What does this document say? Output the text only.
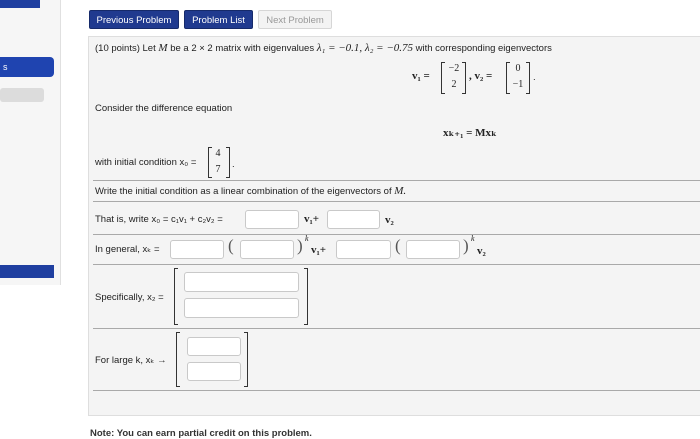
s
Previous Problem	Problem List	Next Problem
(10 points) Let M be a 2 × 2 matrix with eigenvalues λ₁ = −0.1, λ₂ = −0.75 with corresponding eigenvectors
v₁ =
−2
2
, v₂ =
0
−1
.
Consider the difference equation
xₖ₊₁ = Mxₖ
with initial condition x₀ =
4
7	.
Write the initial condition as a linear combination of the eigenvectors of M.
That is, write x₀ = c₁v₁ + c₂v₂ =	v₁+	v₂
In general, xₖ =	(	) k
v₁+	(	) k
v₂
Specifically, x₂ =
For large k, xₖ →
Note: You can earn partial credit on this problem.
